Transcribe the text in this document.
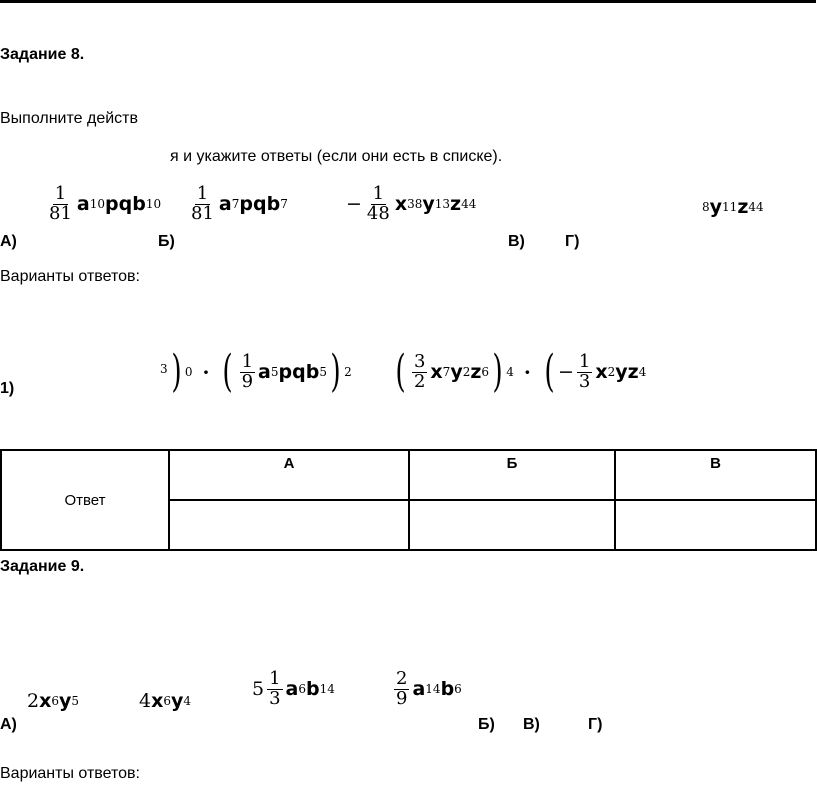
Задание 8.
Выполните действ
я и укажите ответы (если они есть в списке).
$\frac{1}{81}$ a 10 pq b $10 \frac{1}{81}$ a 7 pq b 7	− $\frac{1}{48}$ x 38 y 13 z 44	8 y 11 z 44
А)	Б)	В)	Г)
Варианты ответов:
1)
3 ) 0 · ( $\frac{1}{9}$ a 5 pq b 5 ) 2 ( $\frac{3}{2}$ x 7 y 2 z 6 ) 4 · ( − $\frac{1}{3}$ x 2 y z 4
Ответ	А	Б	В

Задание 9.
2 x 6 y 5	4 x 6 y 4
$5 \frac{1}{3}$ a 6 b 14	$\frac{2}{9}$ a 14 b 6
А)	Б) В)	Г)
Варианты ответов:
